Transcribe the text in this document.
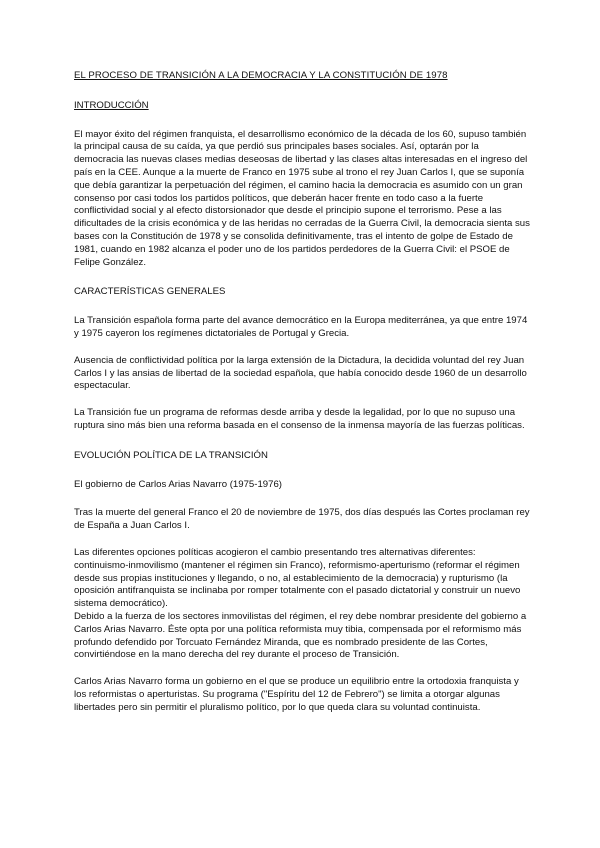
EL PROCESO DE TRANSICIÓN A LA DEMOCRACIA Y LA CONSTITUCIÓN DE 1978

INTRODUCCIÓN

El mayor éxito del régimen franquista, el desarrollismo económico de la década de los 60, supuso también la principal causa de su caída, ya que perdió sus principales bases sociales. Así, optarán por la democracia las nuevas clases medias deseosas de libertad y las clases altas interesadas en el ingreso del país en la CEE. Aunque a la muerte de Franco en 1975 sube al trono el rey Juan Carlos I, que se suponía que debía garantizar la perpetuación del régimen, el camino hacia la democracia es asumido con un gran consenso por casi todos los partidos políticos, que deberán hacer frente en todo caso a la fuerte conflictividad social y al efecto distorsionador que desde el principio supone el terrorismo. Pese a las dificultades de la crisis económica y de las heridas no cerradas de la Guerra Civil, la democracia sienta sus bases con la Constitución de 1978 y se consolida definitivamente, tras el intento de golpe de Estado de 1981, cuando en 1982 alcanza el poder uno de los partidos perdedores de la Guerra Civil: el PSOE de Felipe González.

CARACTERÍSTICAS GENERALES

La Transición española forma parte del avance democrático en la Europa mediterránea, ya que entre 1974 y 1975 cayeron los regímenes dictatoriales de Portugal y Grecia.

Ausencia de conflictividad política por la larga extensión de la Dictadura, la decidida voluntad del rey Juan Carlos I y las ansias de libertad de la sociedad española, que había conocido desde 1960 de un desarrollo espectacular.

La Transición fue un programa de reformas desde arriba y desde la legalidad, por lo que no supuso una ruptura sino más bien una reforma basada en el consenso de la inmensa mayoría de las fuerzas políticas.

EVOLUCIÓN POLÍTICA DE LA TRANSICIÓN

El gobierno de Carlos Arias Navarro (1975-1976)

Tras la muerte del general Franco el 20 de noviembre de 1975, dos días después las Cortes proclaman rey de España a Juan Carlos I.

Las diferentes opciones políticas acogieron el cambio presentando tres alternativas diferentes: continuismo-inmovilismo (mantener el régimen sin Franco), reformismo-aperturismo (reformar el régimen desde sus propias instituciones y llegando, o no, al establecimiento de la democracia) y rupturismo (la oposición antifranquista se inclinaba por romper totalmente con el pasado dictatorial y construir un nuevo sistema democrático).

Debido a la fuerza de los sectores inmovilistas del régimen, el rey debe nombrar presidente del gobierno a Carlos Arias Navarro. Éste opta por una política reformista muy tibia, compensada por el reformismo más profundo defendido por Torcuato Fernández Miranda, que es nombrado presidente de las Cortes, convirtiéndose en la mano derecha del rey durante el proceso de Transición.

Carlos Arias Navarro forma un gobierno en el que se produce un equilibrio entre la ortodoxia franquista y los reformistas o aperturistas. Su programa ("Espíritu del 12 de Febrero") se limita a otorgar algunas libertades pero sin permitir el pluralismo político, por lo que queda clara su voluntad continuista.
